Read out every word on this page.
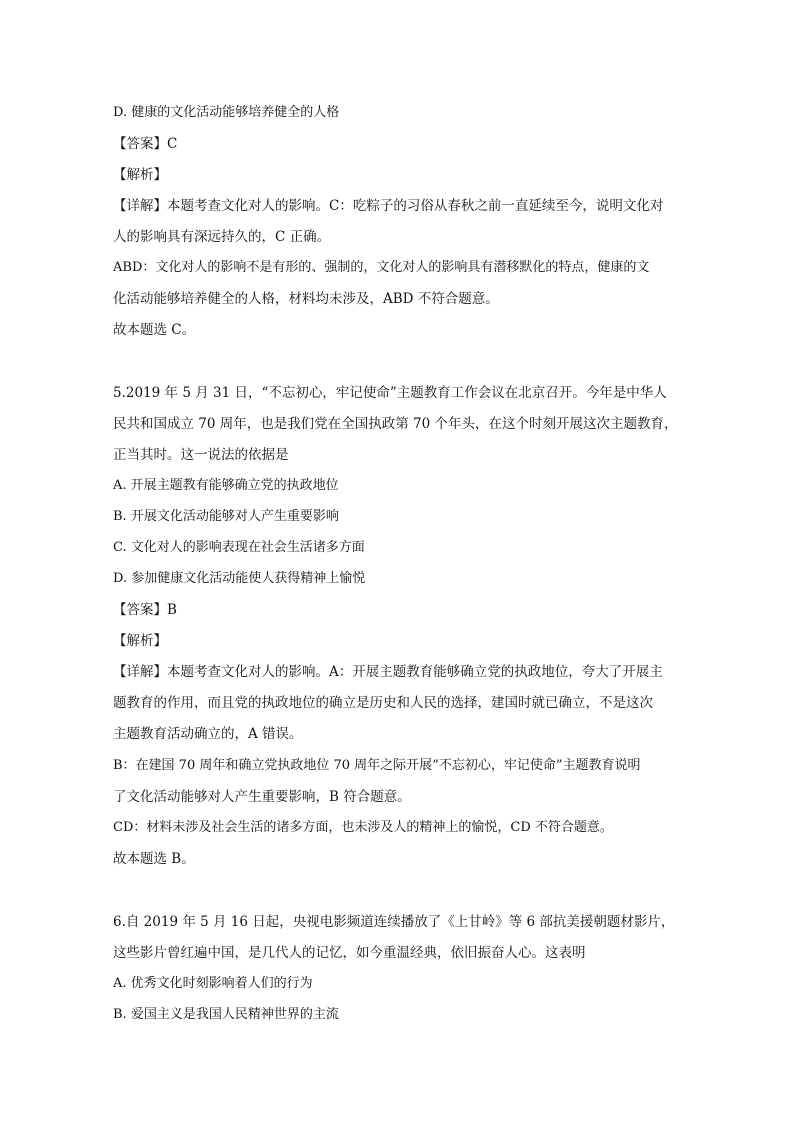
D. 健康的文化活动能够培养健全的人格
【答案】C
【解析】
【详解】本题考查文化对人的影响。C：吃粽子的习俗从春秋之前一直延续至今，说明文化对
人的影响具有深远持久的，C 正确。
ABD：文化对人的影响不是有形的、强制的，文化对人的影响具有潜移默化的特点，健康的文
化活动能够培养健全的人格，材料均未涉及，ABD 不符合题意。
故本题选 C。
5.2019 年 5 月 31 日，“不忘初心，牢记使命”主题教育工作会议在北京召开。今年是中华人
民共和国成立 70 周年，也是我们党在全国执政第 70 个年头，在这个时刻开展这次主题教育，
正当其时。这一说法的依据是
A. 开展主题教有能够确立党的执政地位
B. 开展文化活动能够对人产生重要影响
C. 文化对人的影响表现在社会生活诸多方面
D. 参加健康文化活动能使人获得精神上愉悦
【答案】B
【解析】
【详解】本题考查文化对人的影响。A：开展主题教育能够确立党的执政地位，夸大了开展主
题教育的作用，而且党的执政地位的确立是历史和人民的选择，建国时就已确立，不是这次
主题教育活动确立的，A 错误。
B：在建国 70 周年和确立党执政地位 70 周年之际开展“不忘初心，牢记使命”主题教育说明
了文化活动能够对人产生重要影响，B 符合题意。
CD：材料未涉及社会生活的诸多方面，也未涉及人的精神上的愉悦，CD 不符合题意。
故本题选 B。
6.自 2019 年 5 月 16 日起，央视电影频道连续播放了《上甘岭》等 6 部抗美援朝题材影片，
这些影片曾红遍中国，是几代人的记忆，如今重温经典，依旧振奋人心。这表明
A. 优秀文化时刻影响着人们的行为
B. 爱国主义是我国人民精神世界的主流
